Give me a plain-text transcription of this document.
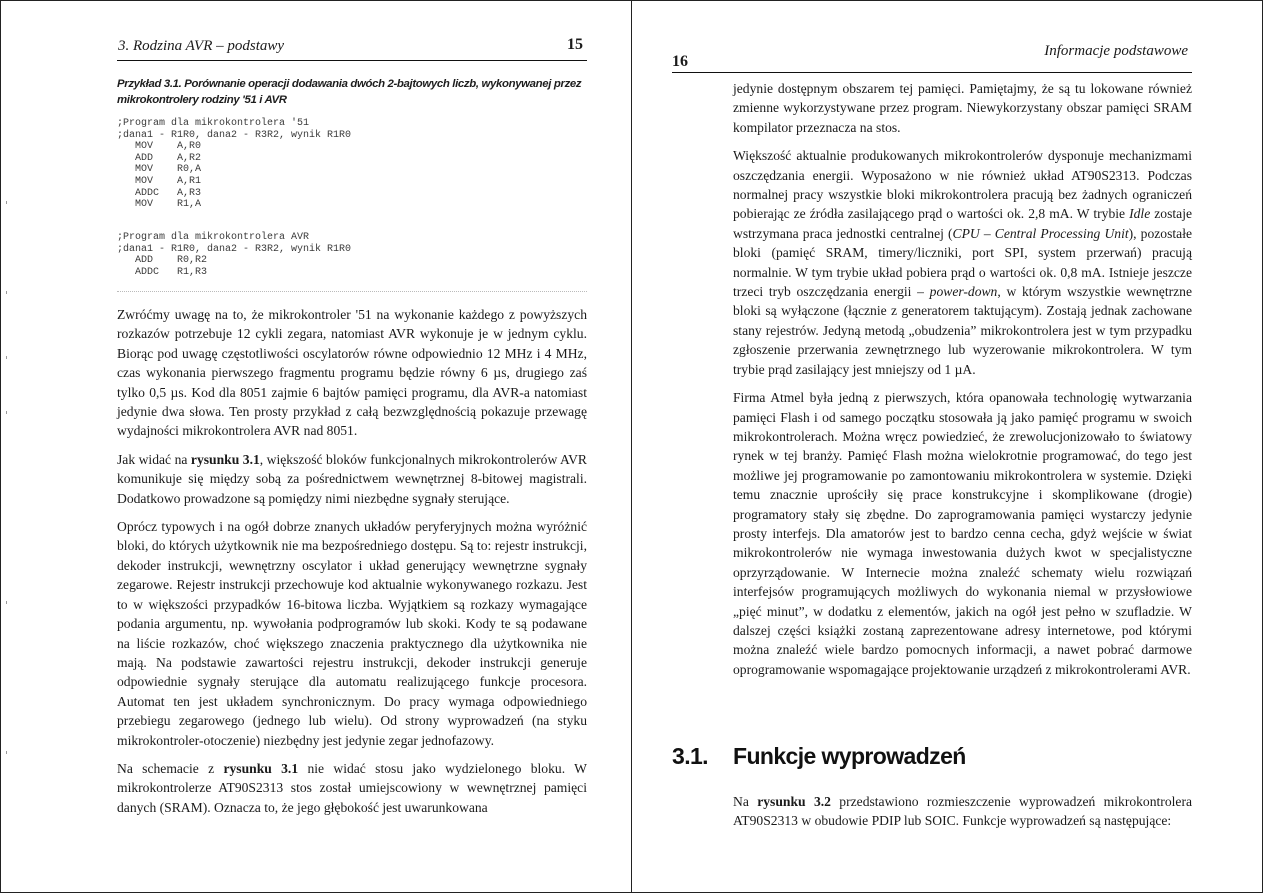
3. Rodzina AVR – podstawy	15
Przykład 3.1. Porównanie operacji dodawania dwóch 2-bajtowych liczb, wykonywanej przez mikrokontrolery rodziny '51 i AVR
;Program dla mikrokontrolera '51
;dana1 - R1R0, dana2 - R3R2, wynik R1R0
MOV    A,R0
ADD    A,R2
MOV    R0,A
MOV    A,R1
ADDC   A,R3
MOV    R1,A
;Program dla mikrokontrolera AVR
;dana1 - R1R0, dana2 - R3R2, wynik R1R0
ADD    R0,R2
ADDC   R1,R3

Zwróćmy uwagę na to, że mikrokontroler '51 na wykonanie każdego z powyższych rozkazów potrzebuje 12 cykli zegara, natomiast AVR wykonuje je w jednym cyklu. Biorąc pod uwagę częstotliwości oscylatorów równe odpowiednio 12 MHz i 4 MHz, czas wykonania pierwszego fragmentu programu będzie równy 6 µs, drugiego zaś tylko 0,5 µs. Kod dla 8051 zajmie 6 bajtów pamięci programu, dla AVR-a natomiast jedynie dwa słowa. Ten prosty przykład z całą bezwzględnością pokazuje przewagę wydajności mikrokontrolera AVR nad 8051.

Jak widać na rysunku 3.1, większość bloków funkcjonalnych mikrokontrolerów AVR komunikuje się między sobą za pośrednictwem wewnętrznej 8-bitowej magistrali. Dodatkowo prowadzone są pomiędzy nimi niezbędne sygnały sterujące.

Oprócz typowych i na ogół dobrze znanych układów peryferyjnych można wyróżnić bloki, do których użytkownik nie ma bezpośredniego dostępu. Są to: rejestr instrukcji, dekoder instrukcji, wewnętrzny oscylator i układ generujący wewnętrzne sygnały zegarowe. Rejestr instrukcji przechowuje kod aktualnie wykonywanego rozkazu. Jest to w większości przypadków 16-bitowa liczba. Wyjątkiem są rozkazy wymagające podania argumentu, np. wywołania podprogramów lub skoki. Kody te są podawane na liście rozkazów, choć większego znaczenia praktycznego dla użytkownika nie mają. Na podstawie zawartości rejestru instrukcji, dekoder instrukcji generuje odpowiednie sygnały sterujące dla automatu realizującego funkcje procesora. Automat ten jest układem synchronicznym. Do pracy wymaga odpowiedniego przebiegu zegarowego (jednego lub wielu). Od strony wyprowadzeń (na styku mikrokontroler-otoczenie) niezbędny jest jedynie zegar jednofazowy.

Na schemacie z rysunku 3.1 nie widać stosu jako wydzielonego bloku. W mikrokontrolerze AT90S2313 stos został umiejscowiony w wewnętrznej pamięci danych (SRAM). Oznacza to, że jego głębokość jest uwarunkowana

16
Informacje podstawowe

jedynie dostępnym obszarem tej pamięci. Pamiętajmy, że są tu lokowane również zmienne wykorzystywane przez program. Niewykorzystany obszar pamięci SRAM kompilator przeznacza na stos.

Większość aktualnie produkowanych mikrokontrolerów dysponuje mechanizmami oszczędzania energii. Wyposażono w nie również układ AT90S2313. Podczas normalnej pracy wszystkie bloki mikrokontrolera pracują bez żadnych ograniczeń pobierając ze źródła zasilającego prąd o wartości ok. 2,8 mA. W trybie Idle zostaje wstrzymana praca jednostki centralnej (CPU – Central Processing Unit), pozostałe bloki (pamięć SRAM, timery/liczniki, port SPI, system przerwań) pracują normalnie. W tym trybie układ pobiera prąd o wartości ok. 0,8 mA. Istnieje jeszcze trzeci tryb oszczędzania energii – power-down, w którym wszystkie wewnętrzne bloki są wyłączone (łącznie z generatorem taktującym). Zostają jednak zachowane stany rejestrów. Jedyną metodą „obudzenia” mikrokontrolera jest w tym przypadku zgłoszenie przerwania zewnętrznego lub wyzerowanie mikrokontrolera. W tym trybie prąd zasilający jest mniejszy od 1 µA.

Firma Atmel była jedną z pierwszych, która opanowała technologię wytwarzania pamięci Flash i od samego początku stosowała ją jako pamięć programu w swoich mikrokontrolerach. Można wręcz powiedzieć, że zrewolucjonizowało to światowy rynek w tej branży. Pamięć Flash można wielokrotnie programować, do tego jest możliwe jej programowanie po zamontowaniu mikrokontrolera w systemie. Dzięki temu znacznie uprościły się prace konstrukcyjne i skomplikowane (drogie) programatory stały się zbędne. Do zaprogramowania pamięci wystarczy jedynie prosty interfejs. Dla amatorów jest to bardzo cenna cecha, gdyż wejście w świat mikrokontrolerów nie wymaga inwestowania dużych kwot w specjalistyczne oprzyrządowanie. W Internecie można znaleźć schematy wielu rozwiązań interfejsów programujących możliwych do wykonania niemal w przysłowiowe „pięć minut”, w dodatku z elementów, jakich na ogół jest pełno w szufladzie. W dalszej części książki zostaną zaprezentowane adresy internetowe, pod którymi można znaleźć wiele bardzo pomocnych informacji, a nawet pobrać darmowe oprogramowanie wspomagające projektowanie urządzeń z mikrokontrolerami AVR.

3.1. Funkcje wyprowadzeń

Na rysunku 3.2 przedstawiono rozmieszczenie wyprowadzeń mikrokontrolera AT90S2313 w obudowie PDIP lub SOIC. Funkcje wyprowadzeń są następujące:
